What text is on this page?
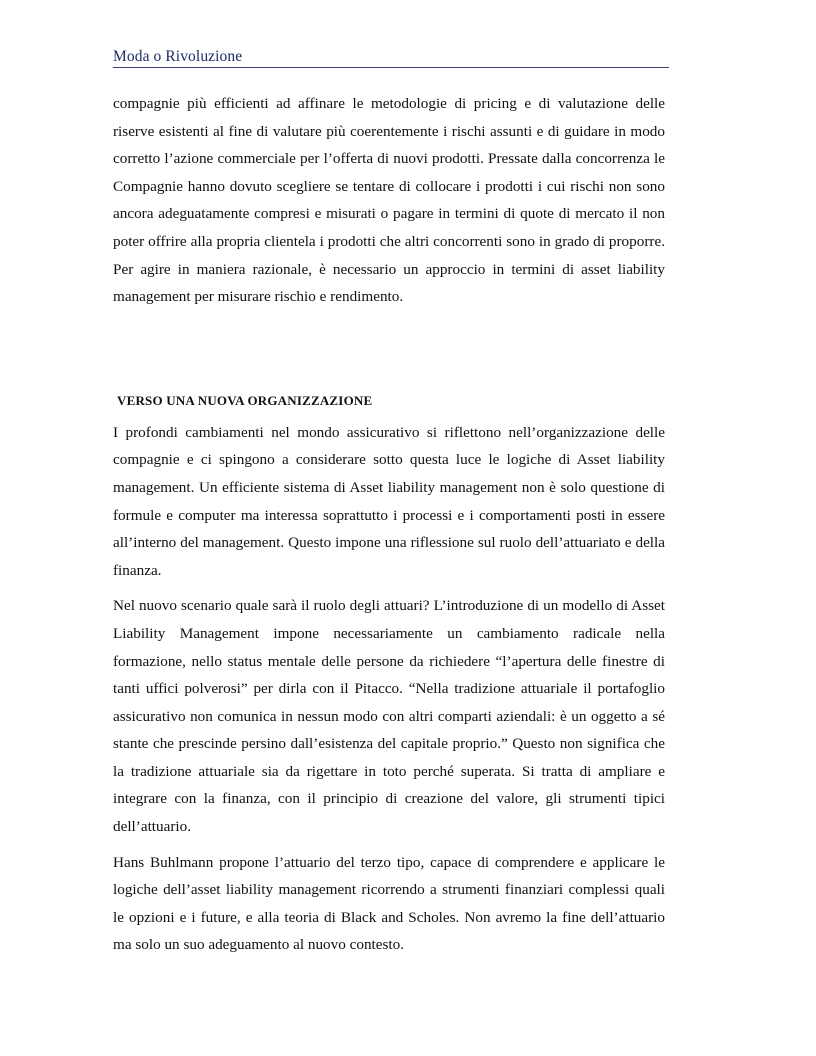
Moda o Rivoluzione

compagnie più efficienti ad affinare le metodologie di pricing e di valutazione delle riserve esistenti al fine di valutare più coerentemente i rischi assunti e di guidare in modo corretto l’azione commerciale per l’offerta di nuovi prodotti. Pressate dalla concorrenza le Compagnie hanno dovuto scegliere se tentare di collocare i prodotti i cui rischi non sono ancora adeguatamente compresi e misurati o pagare in termini di quote di mercato il non poter offrire alla propria clientela i prodotti che altri concorrenti sono in grado di proporre. Per agire in maniera razionale, è necessario un approccio in termini di asset liability management per misurare rischio e rendimento.

VERSO UNA NUOVA ORGANIZZAZIONE

I profondi cambiamenti nel mondo assicurativo si riflettono nell’organizzazione delle compagnie e ci spingono a considerare sotto questa luce le logiche di Asset liability management. Un efficiente sistema di Asset liability management non è solo questione di formule e computer ma interessa soprattutto i processi e i comportamenti posti in essere all’interno del management. Questo impone una riflessione sul ruolo dell’attuariato e della finanza.

Nel nuovo scenario quale sarà il ruolo degli attuari? L’introduzione di un modello di Asset Liability Management impone necessariamente un cambiamento radicale nella formazione, nello status mentale delle persone da richiedere “l’apertura delle finestre di tanti uffici polverosi” per dirla con il Pitacco. “Nella tradizione attuariale il portafoglio assicurativo non comunica in nessun modo con altri comparti aziendali: è un oggetto a sé stante che prescinde persino dall’esistenza del capitale proprio.” Questo non significa che la tradizione attuariale sia da rigettare in toto perché superata. Si tratta di ampliare e integrare con la finanza, con il principio di creazione del valore, gli strumenti tipici dell’attuario.

Hans Buhlmann propone l’attuario del terzo tipo, capace di comprendere e applicare le logiche dell’asset liability management ricorrendo a strumenti finanziari complessi quali le opzioni e i future, e alla teoria di Black and Scholes. Non avremo la fine dell’attuario ma solo un suo adeguamento al nuovo contesto.
